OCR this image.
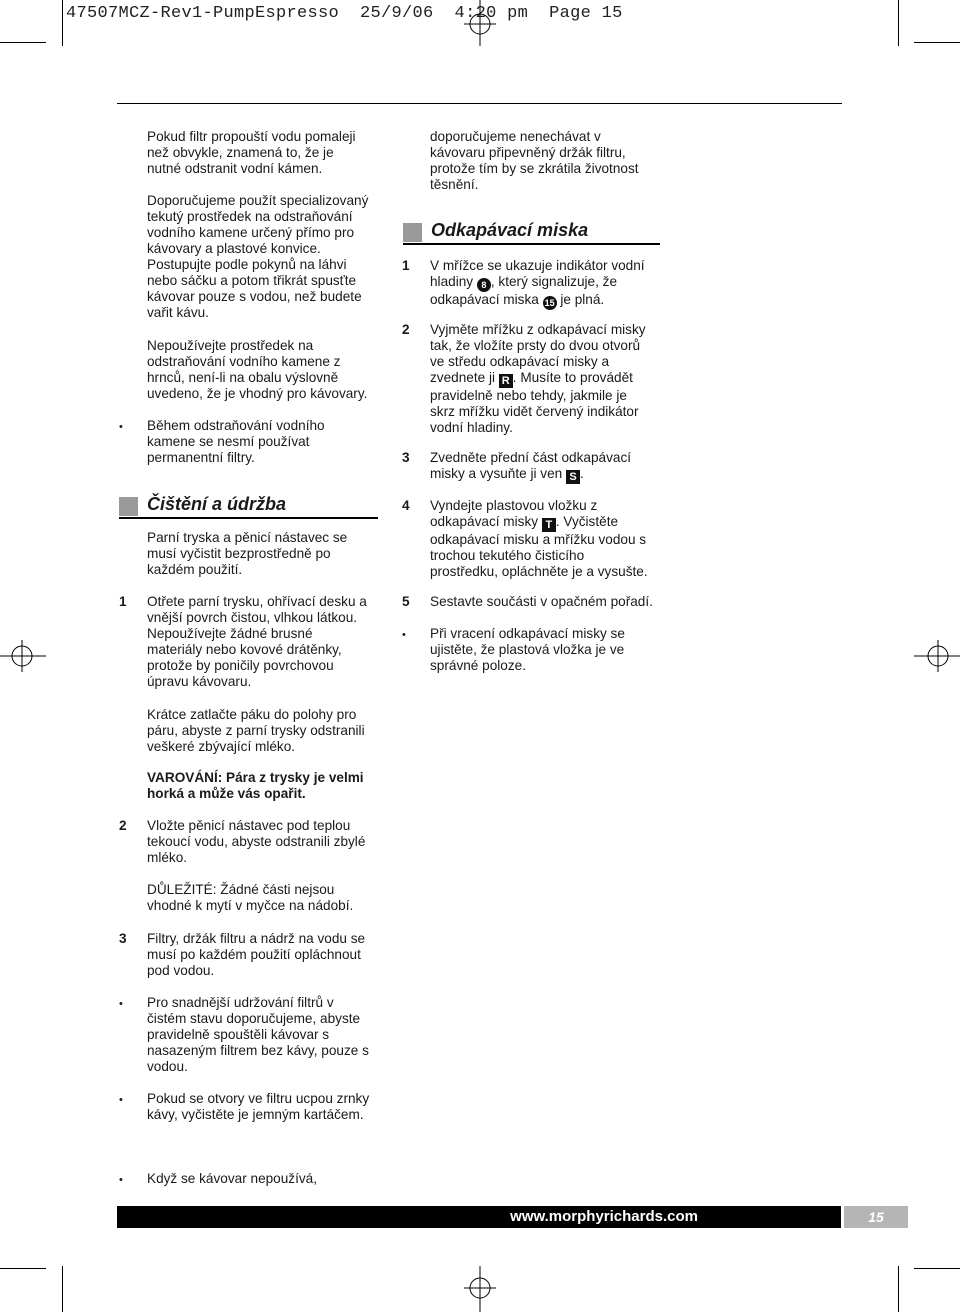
47507MCZ-Rev1-PumpEspresso  25/9/06  4:20 pm  Page 15
Pokud filtr propouští vodu pomaleji
než obvykle, znamená to, že je
nutné odstranit vodní kámen.
Doporučujeme použít specializovaný
tekutý prostředek na odstraňování
vodního kamene určený přímo pro
kávovary a plastové konvice.
Postupujte podle pokynů na láhvi
nebo sáčku a potom třikrát spusťte
kávovar pouze s vodou, než budete
vařit kávu.
Nepoužívejte prostředek na
odstraňování vodního kamene z
hrnců, není-li na obalu výslovně
uvedeno, že je vhodný pro kávovary.
• Během odstraňování vodního
kamene se nesmí používat
permanentní filtry.
Čištění a údržba
Parní tryska a pěnicí nástavec se
musí vyčistit bezprostředně po
každém použití.
1 Otřete parní trysku, ohřívací desku a
vnější povrch čistou, vlhkou látkou.
Nepoužívejte žádné brusné
materiály nebo kovové drátěnky,
protože by poničily povrchovou
úpravu kávovaru.
Krátce zatlačte páku do polohy pro
páru, abyste z parní trysky odstranili
veškeré zbývající mléko.
VAROVÁNÍ: Pára z trysky je velmi
horká a může vás opařit.
2 Vložte pěnicí nástavec pod teplou
tekoucí vodu, abyste odstranili zbylé
mléko.
DŮLEŽITÉ: Žádné části nejsou
vhodné k mytí v myčce na nádobí.
3 Filtry, držák filtru a nádrž na vodu se
musí po každém použití opláchnout
pod vodou.
• Pro snadnější udržování filtrů v
čistém stavu doporučujeme, abyste
pravidelně spouštěli kávovar s
nasazeným filtrem bez kávy, pouze s
vodou.
• Pokud se otvory ve filtru ucpou zrnky
kávy, vyčistěte je jemným kartáčem.
• Když se kávovar nepoužívá,
doporučujeme nenechávat v
kávovaru připevněný držák filtru,
protože tím by se zkrátila životnost
těsnění.
Odkapávací miska
1 V mřížce se ukazuje indikátor vodní
hladiny 8 , který signalizuje, že
odkapávací miska 15 je plná.
2 Vyjměte mřížku z odkapávací misky
tak, že vložíte prsty do dvou otvorů
ve středu odkapávací misky a
zvednete ji R . Musíte to provádět
pravidelně nebo tehdy, jakmile je
skrz mřížku vidět červený indikátor
vodní hladiny.
3 Zvedněte přední část odkapávací
misky a vysuňte ji ven S .
4 Vyndejte plastovou vložku z
odkapávací misky T . Vyčistěte
odkapávací misku a mřížku vodou s
trochou tekutého čisticího
prostředku, opláchněte je a vysušte.
5 Sestavte součásti v opačném pořadí.
• Při vracení odkapávací misky se
ujistěte, že plastová vložka je ve
správné poloze.
www.morphyrichards.com	15
